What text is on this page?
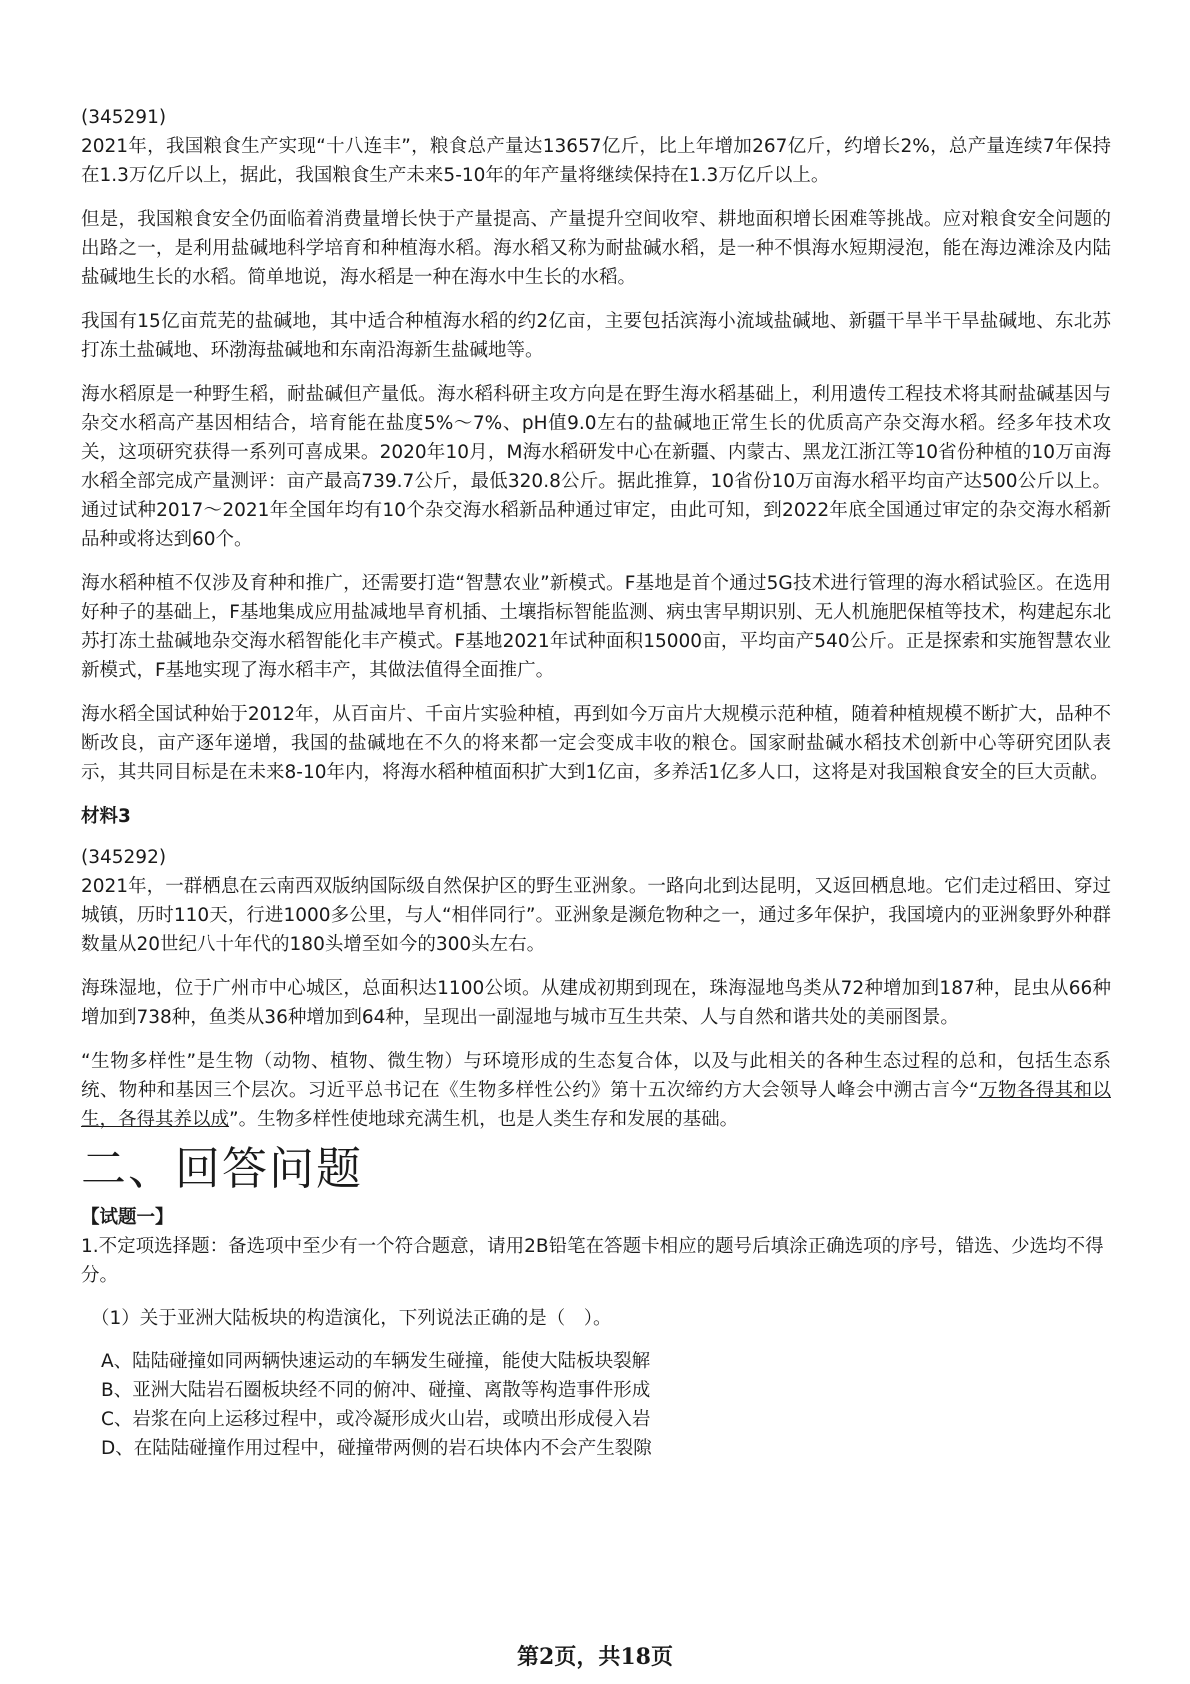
(345291)

2021年，我国粮食生产实现“十八连丰”，粮食总产量达13657亿斤，比上年增加267亿斤，约增长2%，总产量连续7年保持在1.3万亿斤以上，据此，我国粮食生产未来5-10年的年产量将继续保持在1.3万亿斤以上。

但是，我国粮食安全仍面临着消费量增长快于产量提高、产量提升空间收窄、耕地面积增长困难等挑战。应对粮食安全问题的出路之一，是利用盐碱地科学培育和种植海水稻。海水稻又称为耐盐碱水稻，是一种不惧海水短期浸泡，能在海边滩涂及内陆盐碱地生长的水稻。简单地说，海水稻是一种在海水中生长的水稻。

我国有15亿亩荒芜的盐碱地，其中适合种植海水稻的约2亿亩，主要包括滨海小流域盐碱地、新疆干旱半干旱盐碱地、东北苏打冻土盐碱地、环渤海盐碱地和东南沿海新生盐碱地等。

海水稻原是一种野生稻，耐盐碱但产量低。海水稻科研主攻方向是在野生海水稻基础上，利用遗传工程技术将其耐盐碱基因与杂交水稻高产基因相结合，培育能在盐度5%～7%、pH值9.0左右的盐碱地正常生长的优质高产杂交海水稻。经多年技术攻关，这项研究获得一系列可喜成果。2020年10月，M海水稻研发中心在新疆、内蒙古、黑龙江浙江等10省份种植的10万亩海水稻全部完成产量测评：亩产最高739.7公斤，最低320.8公斤。据此推算，10省份10万亩海水稻平均亩产达500公斤以上。通过试种2017～2021年全国年均有10个杂交海水稻新品种通过审定，由此可知，到2022年底全国通过审定的杂交海水稻新品种或将达到60个。

海水稻种植不仅涉及育种和推广，还需要打造“智慧农业”新模式。F基地是首个通过5G技术进行管理的海水稻试验区。在选用好种子的基础上，F基地集成应用盐减地旱育机插、土壤指标智能监测、病虫害早期识别、无人机施肥保植等技术，构建起东北苏打冻土盐碱地杂交海水稻智能化丰产模式。F基地2021年试种面积15000亩，平均亩产540公斤。正是探索和实施智慧农业新模式，F基地实现了海水稻丰产，其做法值得全面推广。

海水稻全国试种始于2012年，从百亩片、千亩片实验种植，再到如今万亩片大规模示范种植，随着种植规模不断扩大，品种不断改良，亩产逐年递增，我国的盐碱地在不久的将来都一定会变成丰收的粮仓。国家耐盐碱水稻技术创新中心等研究团队表示，其共同目标是在未来8-10年内，将海水稻种植面积扩大到1亿亩，多养活1亿多人口，这将是对我国粮食安全的巨大贡献。

材料3

(345292)

2021年，一群栖息在云南西双版纳国际级自然保护区的野生亚洲象。一路向北到达昆明，又返回栖息地。它们走过稻田、穿过城镇，历时110天，行进1000多公里，与人“相伴同行”。亚洲象是濒危物种之一，通过多年保护，我国境内的亚洲象野外种群数量从20世纪八十年代的180头增至如今的300头左右。

海珠湿地，位于广州市中心城区，总面积达1100公顷。从建成初期到现在，珠海湿地鸟类从72种增加到187种，昆虫从66种增加到738种，鱼类从36种增加到64种，呈现出一副湿地与城市互生共荣、人与自然和谐共处的美丽图景。

“生物多样性”是生物（动物、植物、微生物）与环境形成的生态复合体，以及与此相关的各种生态过程的总和，包括生态系统、物种和基因三个层次。习近平总书记在《生物多样性公约》第十五次缔约方大会领导人峰会中溯古言今“万物各得其和以生，各得其养以成”。生物多样性使地球充满生机，也是人类生存和发展的基础。

二、回答问题

【试题一】

1.不定项选择题：备选项中至少有一个符合题意，请用2B铅笔在答题卡相应的题号后填涂正确选项的序号，错选、少选均不得分。

（1）关于亚洲大陆板块的构造演化，下列说法正确的是（　）。

A、陆陆碰撞如同两辆快速运动的车辆发生碰撞，能使大陆板块裂解

B、亚洲大陆岩石圈板块经不同的俯冲、碰撞、离散等构造事件形成

C、岩浆在向上运移过程中，或冷凝形成火山岩，或喷出形成侵入岩

D、在陆陆碰撞作用过程中，碰撞带两侧的岩石块体内不会产生裂隙

第2页，共18页
